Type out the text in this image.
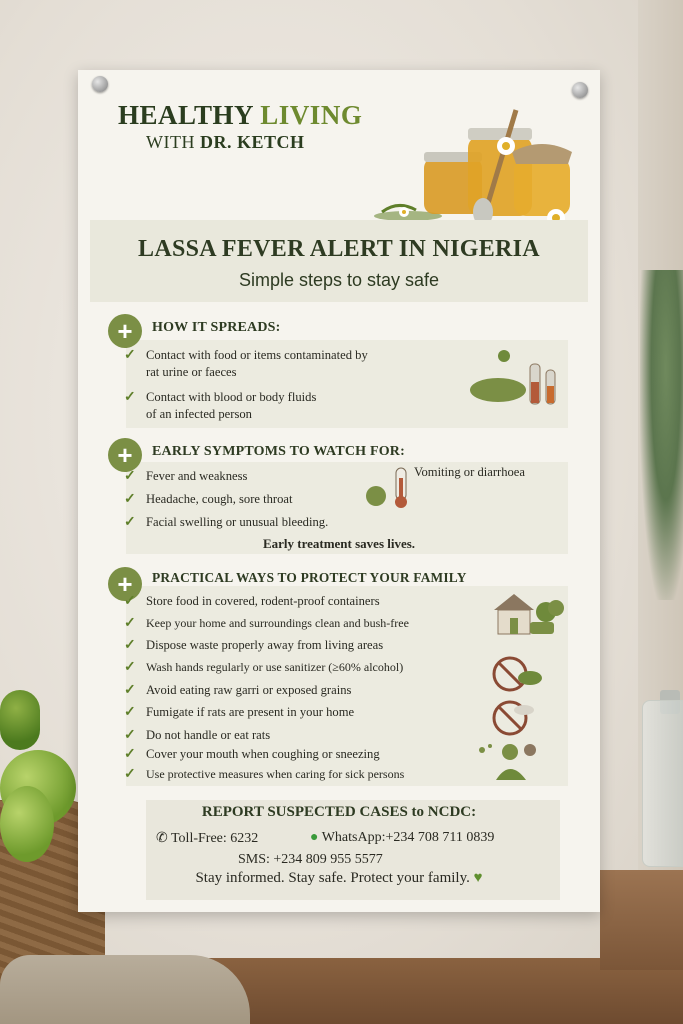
HEALTHY LIVING
WITH DR. KETCH
LASSA FEVER ALERT IN NIGERIA
Simple steps to stay safe
+	HOW IT SPREADS:
✓ Contact with food or items contaminated by
rat urine or faeces
✓ Contact with blood or body fluids
of an infected person
+	EARLY SYMPTOMS TO WATCH FOR:
✓ Fever and weakness
✓ Headache, cough, sore throat
✓ Facial swelling or unusual bleeding.
Vomiting or diarrhoea
Early treatment saves lives.
+	PRACTICAL WAYS TO PROTECT YOUR FAMILY
✓ Store food in covered, rodent-proof containers
✓ Keep your home and surroundings clean and bush-free
✓ Dispose waste properly away from living areas
✓ Wash hands regularly or use sanitizer (≥60% alcohol)
✓ Avoid eating raw garri or exposed grains
✓ Fumigate if rats are present in your home
✓ Do not handle or eat rats
✓ Cover your mouth when coughing or sneezing
✓ Use protective measures when caring for sick persons
REPORT SUSPECTED CASES to NCDC:
✆ Toll-Free: 6232	● WhatsApp:+234 708 711 0839
SMS: +234 809 955 5577
Stay informed. Stay safe. Protect your family. ♥
